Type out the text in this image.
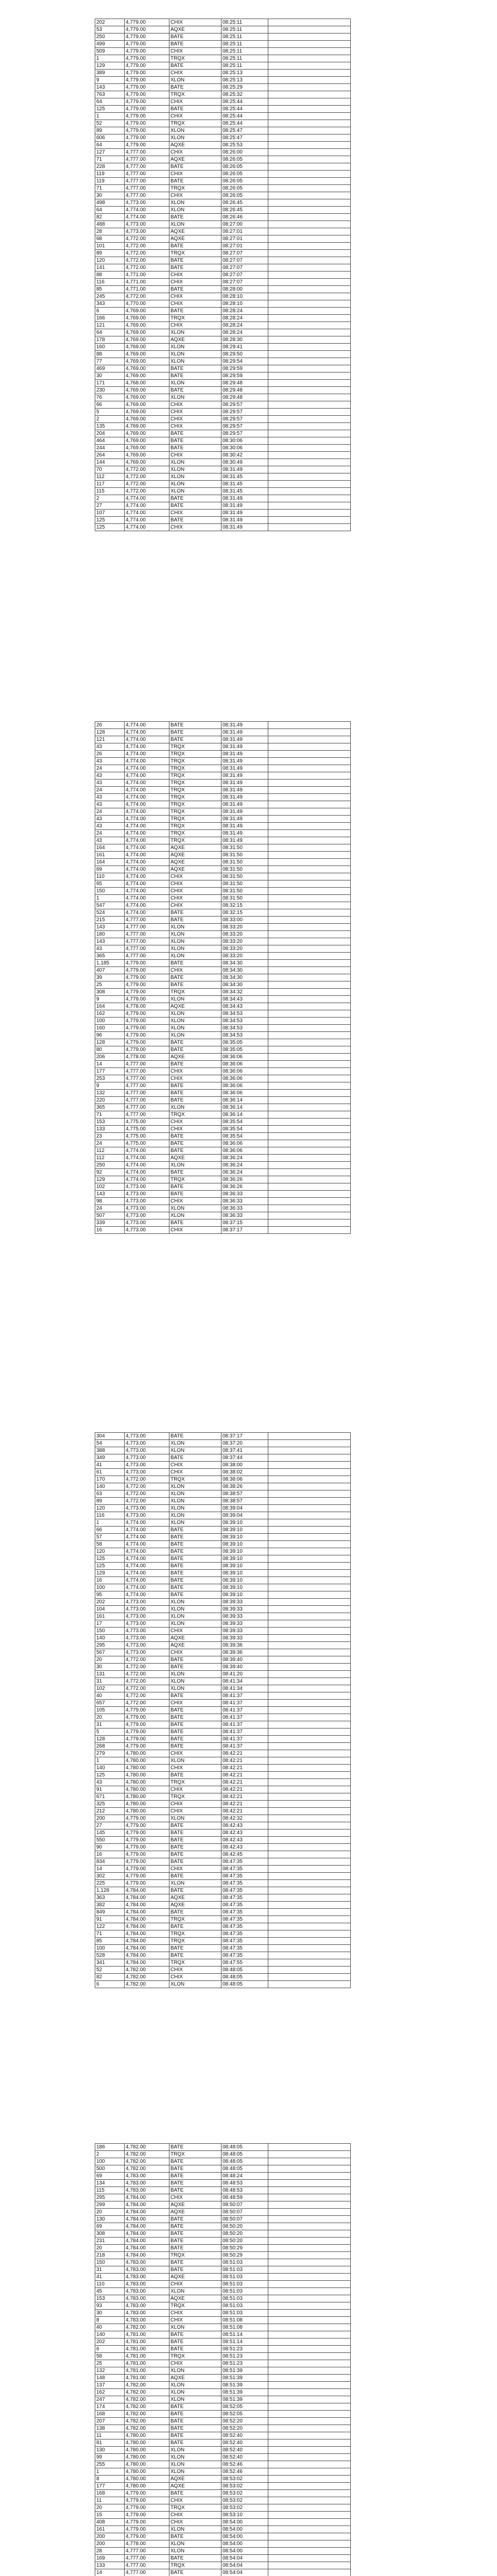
202	4,779.00	CHIX	08:25:11	
53	4,779.00	AQXE	08:25:11	
250	4,779.00	BATE	08:25:11	
499	4,779.00	BATE	08:25:11	
509	4,779.00	CHIX	08:25:11	
1	4,779.00	TRQX	08:25:11	
129	4,779.00	BATE	08:25:11	
389	4,779.00	CHIX	08:25:13	
9	4,779.00	XLON	08:25:13	
143	4,779.00	BATE	08:25:29	
763	4,779.00	TRQX	08:25:32	
64	4,779.00	CHIX	08:25:44	
125	4,779.00	BATE	08:25:44	
1	4,779.00	CHIX	08:25:44	
52	4,779.00	TRQX	08:25:44	
89	4,779.00	XLON	08:25:47	
606	4,779.00	XLON	08:25:47	
64	4,779.00	AQXE	08:25:53	
127	4,777.00	CHIX	08:26:00	
71	4,777.00	AQXE	08:26:05	
228	4,777.00	BATE	08:26:05	
119	4,777.00	CHIX	08:26:05	
119	4,777.00	BATE	08:26:05	
71	4,777.00	TRQX	08:26:05	
30	4,777.00	CHIX	08:26:05	
498	4,773.00	XLON	08:26:45	
64	4,774.00	XLON	08:26:45	
82	4,774.00	BATE	08:26:46	
488	4,773.00	XLON	08:27:00	
28	4,773.00	AQXE	08:27:01	
68	4,772.00	AQXE	08:27:01	
101	4,772.00	BATE	08:27:01	
89	4,772.00	TRQX	08:27:07	
120	4,772.00	BATE	08:27:07	
141	4,772.00	BATE	08:27:07	
88	4,771.00	CHIX	08:27:07	
116	4,771.00	CHIX	08:27:07	
85	4,771.00	BATE	08:28:00	
245	4,772.00	CHIX	08:28:10	
343	4,770.00	CHIX	08:28:10	
6	4,769.00	BATE	08:28:24	
166	4,769.00	TRQX	08:28:24	
121	4,769.00	CHIX	08:28:24	
64	4,769.00	XLON	08:28:24	
178	4,769.00	AQXE	08:28:30	
160	4,769.00	XLON	08:29:41	
88	4,769.00	XLON	08:29:50	
77	4,769.00	XLON	08:29:54	
469	4,769.00	BATE	08:29:59	
30	4,769.00	BATE	08:29:59	
171	4,768.00	XLON	08:29:48	
230	4,769.00	BATE	08:29:48	
76	4,769.00	XLON	08:29:48	
66	4,769.00	CHIX	08:29:57	
5	4,769.00	CHIX	08:29:57	
2	4,769.00	CHIX	08:29:57	
135	4,769.00	CHIX	08:29:57	
204	4,769.00	BATE	08:29:57	
464	4,769.00	BATE	08:30:06	
244	4,769.00	BATE	08:30:06	
264	4,769.00	CHIX	08:30:42	
144	4,769.00	XLON	08:30:49	
70	4,772.00	XLON	08:31:49	
112	4,772.00	XLON	08:31:45	
117	4,772.00	XLON	08:31:45	
115	4,772.00	XLON	08:31:45	
2	4,774.00	BATE	08:31:49	
27	4,774.00	BATE	08:31:49	
107	4,774.00	CHIX	08:31:49	
125	4,774.00	BATE	08:31:49	
125	4,774.00	CHIX	08:31:49	
26	4,774.00	BATE	08:31:49	
128	4,774.00	BATE	08:31:49	
121	4,774.00	BATE	08:31:49	
43	4,774.00	TRQX	08:31:49	
26	4,774.00	TRQX	08:31:49	
43	4,774.00	TRQX	08:31:49	
24	4,774.00	TRQX	08:31:49	
43	4,774.00	TRQX	08:31:49	
43	4,774.00	TRQX	08:31:49	
24	4,774.00	TRQX	08:31:49	
43	4,774.00	TRQX	08:31:49	
43	4,774.00	TRQX	08:31:49	
24	4,774.00	TRQX	08:31:49	
43	4,774.00	TRQX	08:31:49	
43	4,774.00	TRQX	08:31:49	
24	4,774.00	TRQX	08:31:49	
43	4,774.00	TRQX	08:31:49	
164	4,774.00	AQXE	08:31:50	
161	4,774.00	AQXE	08:31:50	
164	4,774.00	AQXE	08:31:50	
69	4,774.00	AQXE	08:31:50	
110	4,774.00	CHIX	08:31:50	
65	4,774.00	CHIX	08:31:50	
150	4,774.00	CHIX	08:31:50	
1	4,774.00	CHIX	08:31:50	
547	4,774.00	CHIX	08:32:15	
524	4,774.00	BATE	08:32:15	
215	4,777.00	BATE	08:33:00	
143	4,777.00	XLON	08:33:20	
180	4,777.00	XLON	08:33:20	
143	4,777.00	XLON	08:33:20	
43	4,777.00	XLON	08:33:20	
365	4,777.00	XLON	08:33:20	
1,185	4,779.00	BATE	08:34:30	
407	4,779.00	CHIX	08:34:30	
39	4,779.00	BATE	08:34:30	
25	4,779.00	BATE	08:34:30	
308	4,779.00	TRQX	08:34:32	
9	4,779.00	XLON	08:34:43	
164	4,778.00	AQXE	08:34:43	
162	4,779.00	XLON	08:34:53	
100	4,779.00	XLON	08:34:53	
160	4,779.00	XLON	08:34:53	
96	4,779.00	XLON	08:34:53	
128	4,779.00	BATE	08:35:05	
80	4,779.00	BATE	08:35:05	
206	4,778.00	AQXE	08:36:06	
14	4,777.00	BATE	08:36:06	
177	4,777.00	CHIX	08:36:06	
253	4,777.00	CHIX	08:36:06	
9	4,777.00	BATE	08:36:06	
132	4,777.00	BATE	08:36:06	
220	4,777.00	BATE	08:36:14	
365	4,777.00	XLON	08:36:14	
71	4,777.00	TRQX	08:36:14	
153	4,775.00	CHIX	08:35:54	
133	4,775.00	CHIX	08:35:54	
23	4,775.00	BATE	08:35:54	
24	4,775.00	BATE	08:36:06	
112	4,774.00	BATE	08:36:06	
112	4,774.00	AQXE	08:36:24	
250	4,774.00	XLON	08:36:24	
92	4,774.00	BATE	08:36:24	
129	4,774.00	TRQX	08:36:26	
102	4,773.00	BATE	08:36:26	
143	4,773.00	BATE	08:36:33	
98	4,773.00	CHIX	08:36:33	
24	4,773.00	XLON	08:36:33	
507	4,773.00	XLON	08:36:33	
339	4,773.00	BATE	08:37:15	
16	4,773.00	CHIX	08:37:17	
304	4,773.00	BATE	08:37:17	
54	4,773.00	XLON	08:37:20	
388	4,773.00	XLON	08:37:41	
349	4,773.00	BATE	08:37:44	
41	4,773.00	CHIX	08:38:00	
61	4,773.00	CHIX	08:38:02	
170	4,772.00	TRQX	08:38:06	
140	4,772.00	XLON	08:38:26	
63	4,772.00	XLON	08:38:57	
89	4,772.00	XLON	08:38:57	
120	4,773.00	XLON	08:39:04	
116	4,773.00	XLON	08:39:04	
1	4,774.00	XLON	08:39:10	
66	4,774.00	BATE	08:39:10	
57	4,774.00	BATE	08:39:10	
58	4,774.00	BATE	08:39:10	
120	4,774.00	BATE	08:39:10	
125	4,774.00	BATE	08:39:10	
125	4,774.00	BATE	08:39:10	
129	4,774.00	BATE	08:39:10	
16	4,774.00	BATE	08:39:10	
100	4,774.00	BATE	08:39:10	
95	4,774.00	BATE	08:39:10	
202	4,773.00	XLON	08:39:33	
104	4,773.00	XLON	08:39:33	
161	4,773.00	XLON	08:39:33	
17	4,773.00	XLON	08:39:33	
150	4,773.00	CHIX	08:39:33	
140	4,773.00	AQXE	08:39:33	
295	4,773.00	AQXE	08:39:36	
567	4,773.00	CHIX	08:39:36	
20	4,772.00	BATE	08:39:40	
30	4,772.00	BATE	08:39:40	
131	4,772.00	XLON	08:41:20	
31	4,772.00	XLON	08:41:34	
102	4,772.00	XLON	08:41:34	
40	4,772.00	BATE	08:41:37	
657	4,772.00	CHIX	08:41:37	
105	4,779.00	BATE	08:41:37	
20	4,779.00	BATE	08:41:37	
31	4,779.00	BATE	08:41:37	
5	4,779.00	BATE	08:41:37	
128	4,779.00	BATE	08:41:37	
268	4,779.00	BATE	08:41:37	
279	4,780.00	CHIX	08:42:21	
1	4,780.00	XLON	08:42:21	
140	4,780.00	CHIX	08:42:21	
125	4,780.00	BATE	08:42:21	
43	4,780.00	TRQX	08:42:21	
91	4,780.00	CHIX	08:42:21	
671	4,780.00	TRQX	08:42:21	
325	4,780.00	CHIX	08:42:21	
212	4,780.00	CHIX	08:42:21	
200	4,779.00	XLON	08:42:32	
27	4,779.00	BATE	08:42:43	
145	4,779.00	BATE	08:42:43	
550	4,779.00	BATE	08:42:43	
90	4,779.00	BATE	08:42:43	
16	4,779.00	BATE	08:42:45	
834	4,779.00	BATE	08:47:35	
14	4,779.00	CHIX	08:47:35	
302	4,779.00	BATE	08:47:35	
225	4,779.00	XLON	08:47:35	
1,128	4,784.00	BATE	08:47:35	
363	4,784.00	AQXE	08:47:35	
382	4,784.00	AQXE	08:47:35	
849	4,784.00	BATE	08:47:35	
91	4,784.00	TRQX	08:47:35	
122	4,784.00	BATE	08:47:35	
71	4,784.00	TRQX	08:47:35	
85	4,784.00	TRQX	08:47:35	
100	4,784.00	BATE	08:47:35	
528	4,784.00	BATE	08:47:35	
341	4,784.00	TRQX	08:47:55	
52	4,782.00	CHIX	08:48:05	
82	4,782.00	CHIX	08:48:05	
6	4,782.00	XLON	08:48:05	
186	4,782.00	BATE	08:48:05	
2	4,782.00	TRQX	08:48:05	
100	4,782.00	BATE	08:48:05	
500	4,782.00	BATE	08:48:05	
69	4,783.00	BATE	08:48:24	
134	4,783.00	BATE	08:48:53	
115	4,783.00	BATE	08:48:53	
295	4,784.00	CHIX	08:48:59	
299	4,784.00	AQXE	08:50:07	
20	4,784.00	AQXE	08:50:07	
130	4,784.00	BATE	08:50:07	
69	4,784.00	BATE	08:50:20	
308	4,784.00	BATE	08:50:20	
231	4,784.00	BATE	08:50:20	
20	4,784.00	BATE	08:50:29	
218	4,784.00	TRQX	08:50:29	
150	4,783.00	BATE	08:51:03	
31	4,783.00	BATE	08:51:03	
41	4,783.00	AQXE	08:51:03	
110	4,783.00	CHIX	08:51:03	
45	4,783.00	XLON	08:51:03	
153	4,783.00	AQXE	08:51:03	
93	4,783.00	TRQX	08:51:03	
30	4,783.00	CHIX	08:51:03	
8	4,783.00	CHIX	08:51:08	
40	4,782.00	XLON	08:51:08	
140	4,781.00	BATE	08:51:14	
202	4,781.00	BATE	08:51:14	
6	4,781.00	BATE	08:51:23	
58	4,781.00	TRQX	08:51:23	
25	4,781.00	CHIX	08:51:23	
132	4,781.00	XLON	08:51:39	
148	4,781.00	AQXE	08:51:39	
137	4,782.00	XLON	08:51:39	
162	4,782.00	XLON	08:51:39	
247	4,782.00	XLON	08:51:39	
174	4,782.00	BATE	08:52:05	
168	4,782.00	BATE	08:52:05	
207	4,782.00	BATE	08:52:20	
138	4,782.00	BATE	08:52:20	
11	4,780.00	BATE	08:52:40	
81	4,780.00	BATE	08:52:40	
130	4,780.00	XLON	08:52:40	
99	4,780.00	XLON	08:52:40	
255	4,780.00	XLON	08:52:46	
1	4,780.00	XLON	08:52:46	
8	4,780.00	AQXE	08:53:02	
177	4,780.00	AQXE	08:53:02	
168	4,779.00	BATE	08:53:02	
11	4,779.00	CHIX	08:53:02	
20	4,779.00	TRQX	08:53:02	
15	4,779.00	CHIX	08:53:10	
408	4,779.00	CHIX	08:54:00	
161	4,779.00	XLON	08:54:00	
200	4,779.00	BATE	08:54:00	
200	4,778.00	XLON	08:54:00	
28	4,777.00	XLON	08:54:00	
169	4,777.00	BATE	08:54:04	
133	4,777.00	TRQX	08:54:04	
14	4,777.00	BATE	08:54:04	
